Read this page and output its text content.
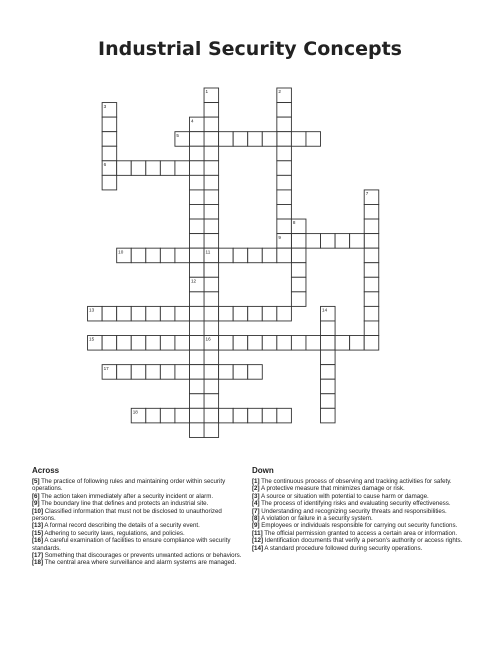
Industrial Security Concepts
1	2
3
4
5
6
7
8
9
10	11
12
13	14
15	16
17
18
Across

[5] The practice of following rules and maintaining order within security operations.

[6] The action taken immediately after a security incident or alarm.

[9] The boundary line that defines and protects an industrial site.

[10] Classified information that must not be disclosed to unauthorized persons.

[13] A formal record describing the details of a security event.

[15] Adhering to security laws, regulations, and policies.

[16] A careful examination of facilities to ensure compliance with security standards.

[17] Something that discourages or prevents unwanted actions or behaviors.

[18] The central area where surveillance and alarm systems are managed.

Down

[1] The continuous process of observing and tracking activities for safety.

[2] A protective measure that minimizes damage or risk.

[3] A source or situation with potential to cause harm or damage.

[4] The process of identifying risks and evaluating security effectiveness.

[7] Understanding and recognizing security threats and responsibilities.

[8] A violation or failure in a security system.

[9] Employees or individuals responsible for carrying out security functions.

[11] The official permission granted to access a certain area or information.

[12] Identification documents that verify a person's authority or access rights.

[14] A standard procedure followed during security operations.
